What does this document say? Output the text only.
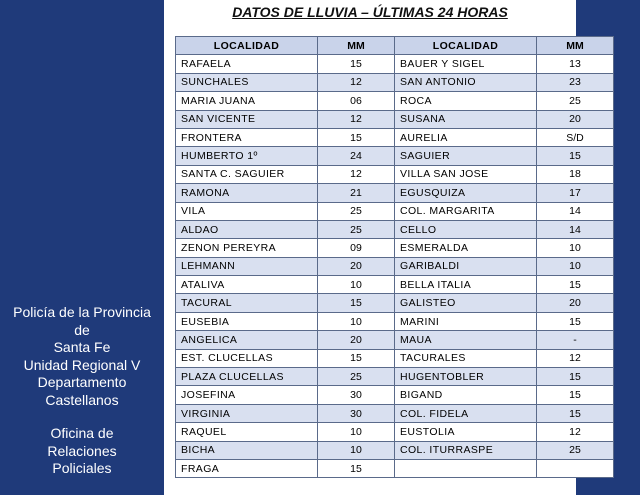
'
Policía de la Provincia
de
Santa Fe
Unidad Regional V
Departamento
Castellanos
Oficina de
Relaciones
Policiales
DATOS DE LLUVIA – ÚLTIMAS 24 HORAS
LOCALIDAD	MM	LOCALIDAD	MM
RAFAELA	15	BAUER Y SIGEL	13
SUNCHALES	12	SAN ANTONIO	23
MARIA JUANA	06	ROCA	25
SAN VICENTE	12	SUSANA	20
FRONTERA	15	AURELIA	S/D
HUMBERTO 1º	24	SAGUIER	15
SANTA C. SAGUIER	12	VILLA SAN JOSE	18
RAMONA	21	EGUSQUIZA	17
VILA	25	COL. MARGARITA	14
ALDAO	25	CELLO	14
ZENON PEREYRA	09	ESMERALDA	10
LEHMANN	20	GARIBALDI	10
ATALIVA	10	BELLA ITALIA	15
TACURAL	15	GALISTEO	20
EUSEBIA	10	MARINI	15
ANGELICA	20	MAUA	-
EST. CLUCELLAS	15	TACURALES	12
PLAZA CLUCELLAS	25	HUGENTOBLER	15
JOSEFINA	30	BIGAND	15
VIRGINIA	30	COL. FIDELA	15
RAQUEL	10	EUSTOLIA	12
BICHA	10	COL. ITURRASPE	25
FRAGA	15		
